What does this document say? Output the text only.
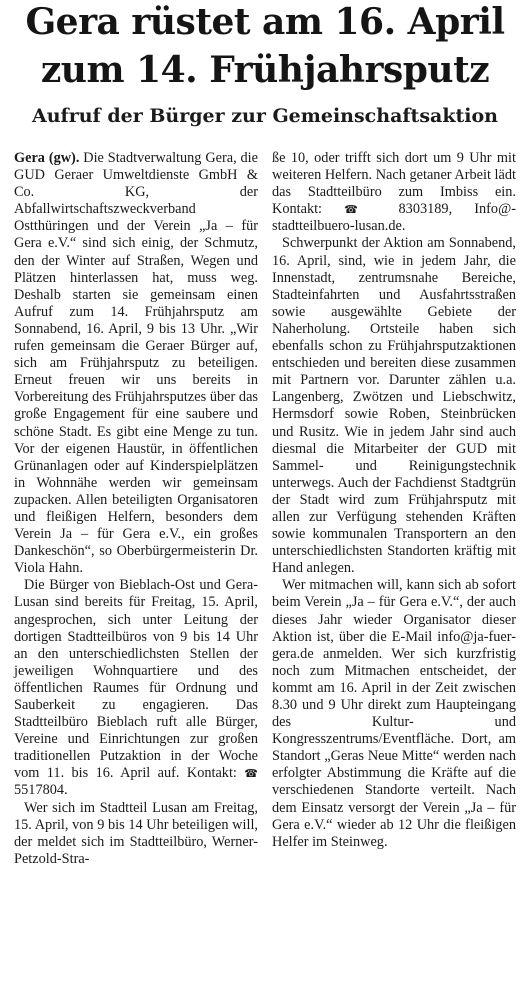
Gera rüstet am 16. April
zum 14. Frühjahrsputz
Aufruf der Bürger zur Gemeinschaftsaktion

Gera (gw). Die Stadtverwaltung Gera, die GUD Geraer Umweltdienste GmbH & Co. KG, der Abfallwirtschaftszweckverband Ostthüringen und der Verein „Ja – für Gera e.V.“ sind sich einig, der Schmutz, den der Winter auf Straßen, Wegen und Plätzen hinterlassen hat, muss weg. Deshalb starten sie gemeinsam einen Aufruf zum 14. Frühjahrsputz am Sonnabend, 16. April, 9 bis 13 Uhr. „Wir rufen gemeinsam die Geraer Bürger auf, sich am Frühjahrsputz zu beteiligen. Erneut freuen wir uns bereits in Vorbereitung des Frühjahrsputzes über das große Engagement für eine saubere und schöne Stadt. Es gibt eine Menge zu tun. Vor der eigenen Haustür, in öffentlichen Grünanlagen oder auf Kinderspielplätzen in Wohnnähe werden wir gemeinsam zupacken. Allen beteiligten Organisatoren und fleißigen Helfern, besonders dem Verein Ja – für Gera e.V., ein großes Dankeschön“, so Oberbürgermeisterin Dr. Viola Hahn.

Die Bürger von Bieblach-Ost und Gera-Lusan sind bereits für Freitag, 15. April, angesprochen, sich unter Leitung der dortigen Stadtteilbüros von 9 bis 14 Uhr an den unterschiedlichsten Stellen der jeweiligen Wohnquartiere und des öffentlichen Raumes für Ordnung und Sauberkeit zu engagieren. Das Stadtteilbüro Bieblach ruft alle Bürger, Vereine und Einrichtungen zur großen traditionellen Putzaktion in der Woche vom 11. bis 16. April auf. Kontakt: ☎ 5517804.

Wer sich im Stadtteil Lusan am Freitag, 15. April, von 9 bis 14 Uhr beteiligen will, der meldet sich im Stadtteilbüro, Werner-Petzold-Stra-

ße 10, oder trifft sich dort um 9 Uhr mit weiteren Helfern. Nach getaner Arbeit lädt das Stadtteilbüro zum Imbiss ein. Kontakt: ☎ 8303189, Info@-stadtteilbuero-lusan.de.

Schwerpunkt der Aktion am Sonnabend, 16. April, sind, wie in jedem Jahr, die Innenstadt, zentrumsnahe Bereiche, Stadteinfahrten und Ausfahrtsstraßen sowie ausgewählte Gebiete der Naherholung. Ortsteile haben sich ebenfalls schon zu Frühjahrsputzaktionen entschieden und bereiten diese zusammen mit Partnern vor. Darunter zählen u.a. Langenberg, Zwötzen und Liebschwitz, Hermsdorf sowie Roben, Steinbrücken und Rusitz. Wie in jedem Jahr sind auch diesmal die Mitarbeiter der GUD mit Sammel- und Reinigungstechnik unterwegs. Auch der Fachdienst Stadtgrün der Stadt wird zum Frühjahrsputz mit allen zur Verfügung stehenden Kräften sowie kommunalen Transportern an den unterschiedlichsten Standorten kräftig mit Hand anlegen.

Wer mitmachen will, kann sich ab sofort beim Verein „Ja – für Gera e.V.“, der auch dieses Jahr wieder Organisator dieser Aktion ist, über die E-Mail info@ja-fuer-gera.de anmelden. Wer sich kurzfristig noch zum Mitmachen entscheidet, der kommt am 16. April in der Zeit zwischen 8.30 und 9 Uhr direkt zum Haupteingang des Kultur- und Kongresszentrums/Eventfläche. Dort, am Standort „Geras Neue Mitte“ werden nach erfolgter Abstimmung die Kräfte auf die verschiedenen Standorte verteilt. Nach dem Einsatz versorgt der Verein „Ja – für Gera e.V.“ wieder ab 12 Uhr die fleißigen Helfer im Steinweg.
